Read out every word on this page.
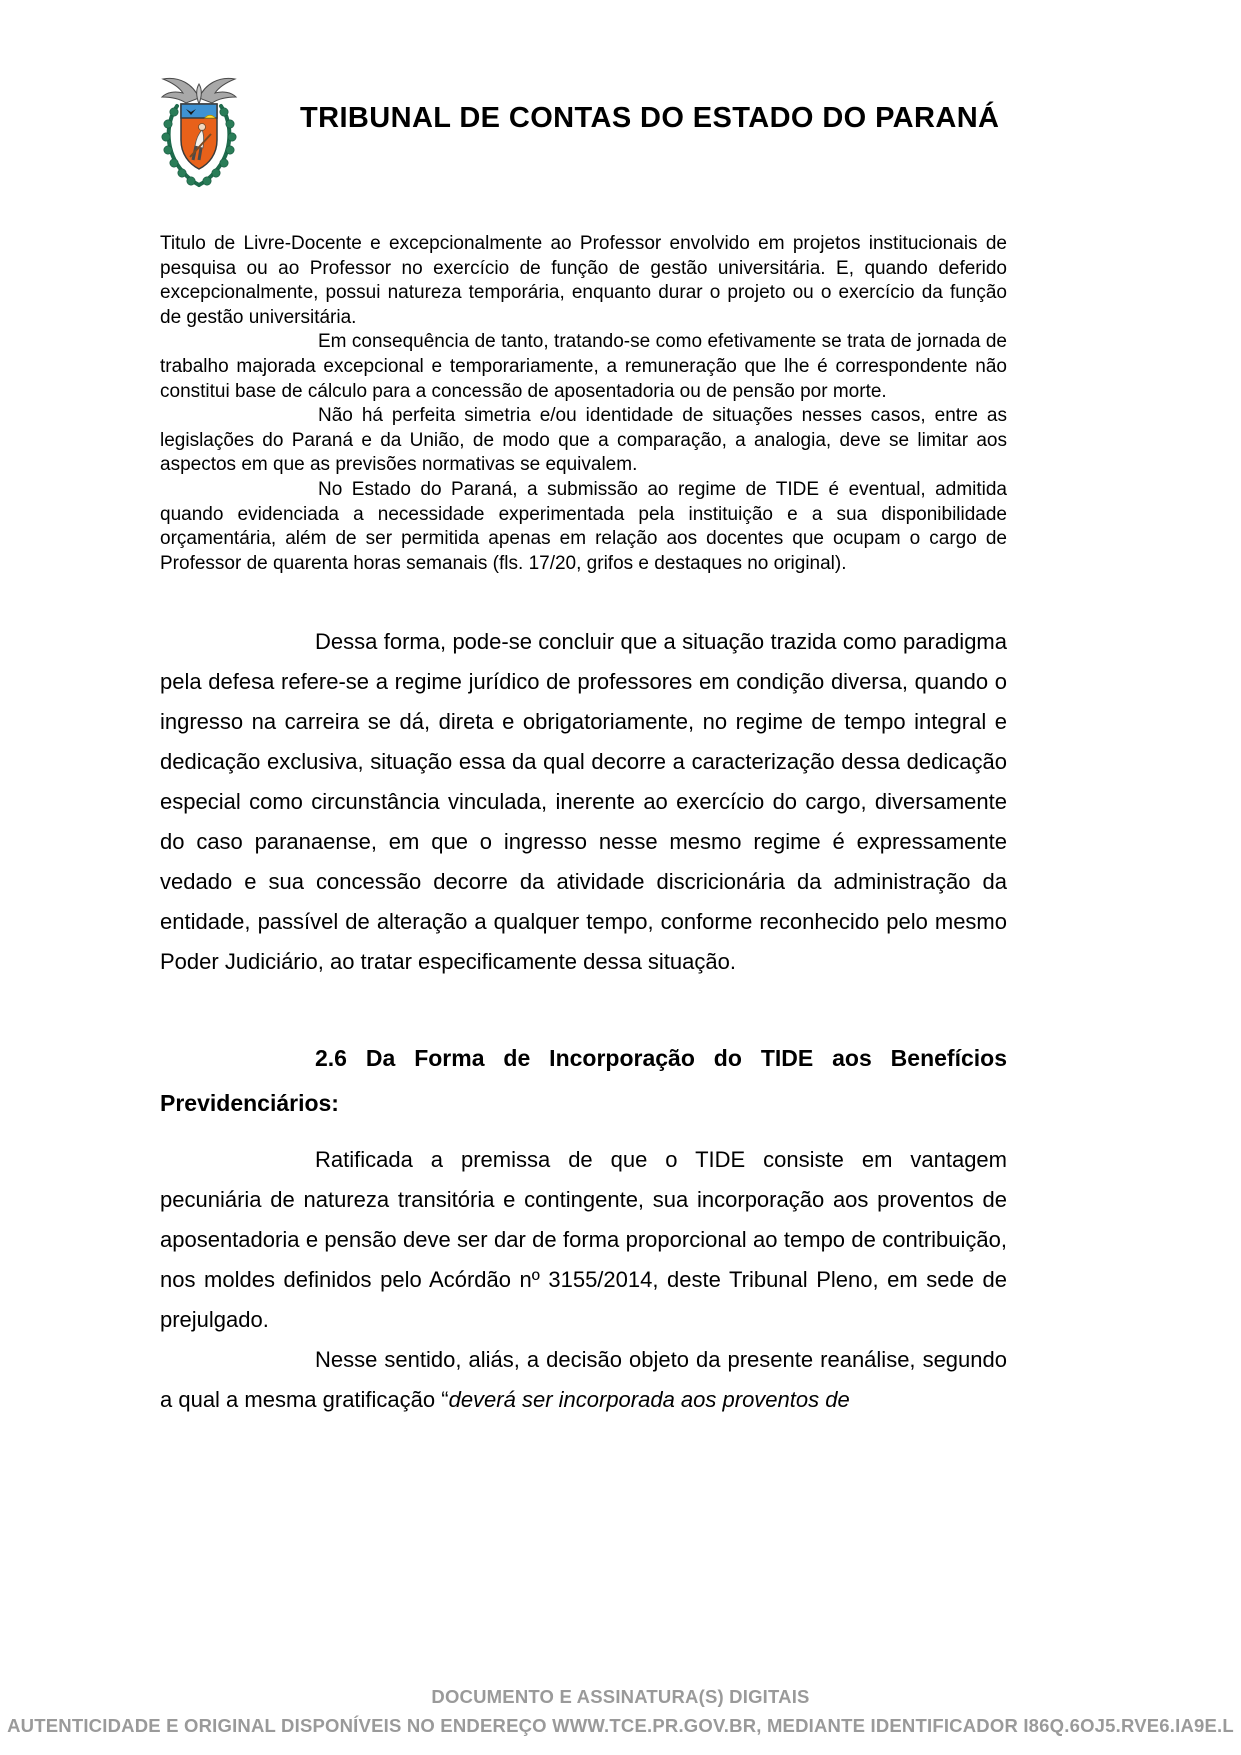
TRIBUNAL DE CONTAS DO ESTADO DO PARANÁ

Titulo de Livre-Docente e excepcionalmente ao Professor envolvido em projetos institucionais de pesquisa ou ao Professor no exercício de função de gestão universitária. E, quando deferido excepcionalmente, possui natureza temporária, enquanto durar o projeto ou o exercício da função de gestão universitária.

Em consequência de tanto, tratando-se como efetivamente se trata de jornada de trabalho majorada excepcional e temporariamente, a remuneração que lhe é correspondente não constitui base de cálculo para a concessão de aposentadoria ou de pensão por morte.

Não há perfeita simetria e/ou identidade de situações nesses casos, entre as legislações do Paraná e da União, de modo que a comparação, a analogia, deve se limitar aos aspectos em que as previsões normativas se equivalem.

No Estado do Paraná, a submissão ao regime de TIDE é eventual, admitida quando evidenciada a necessidade experimentada pela instituição e a sua disponibilidade orçamentária, além de ser permitida apenas em relação aos docentes que ocupam o cargo de Professor de quarenta horas semanais (fls. 17/20, grifos e destaques no original).

Dessa forma, pode-se concluir que a situação trazida como paradigma pela defesa refere-se a regime jurídico de professores em condição diversa, quando o ingresso na carreira se dá, direta e obrigatoriamente, no regime de tempo integral e dedicação exclusiva, situação essa da qual decorre a caracterização dessa dedicação especial como circunstância vinculada, inerente ao exercício do cargo, diversamente do caso paranaense, em que o ingresso nesse mesmo regime é expressamente vedado e sua concessão decorre da atividade discricionária da administração da entidade, passível de alteração a qualquer tempo, conforme reconhecido pelo mesmo Poder Judiciário, ao tratar especificamente dessa situação.

2.6 Da Forma de Incorporação do TIDE aos Benefícios Previdenciários:

Ratificada a premissa de que o TIDE consiste em vantagem pecuniária de natureza transitória e contingente, sua incorporação aos proventos de aposentadoria e pensão deve ser dar de forma proporcional ao tempo de contribuição, nos moldes definidos pelo Acórdão nº 3155/2014, deste Tribunal Pleno, em sede de prejulgado.

Nesse sentido, aliás, a decisão objeto da presente reanálise, segundo a qual a mesma gratificação “deverá ser incorporada aos proventos de

DOCUMENTO E ASSINATURA(S) DIGITAIS
AUTENTICIDADE E ORIGINAL DISPONÍVEIS NO ENDEREÇO WWW.TCE.PR.GOV.BR, MEDIANTE IDENTIFICADOR I86Q.6OJ5.RVE6.IA9E.L
